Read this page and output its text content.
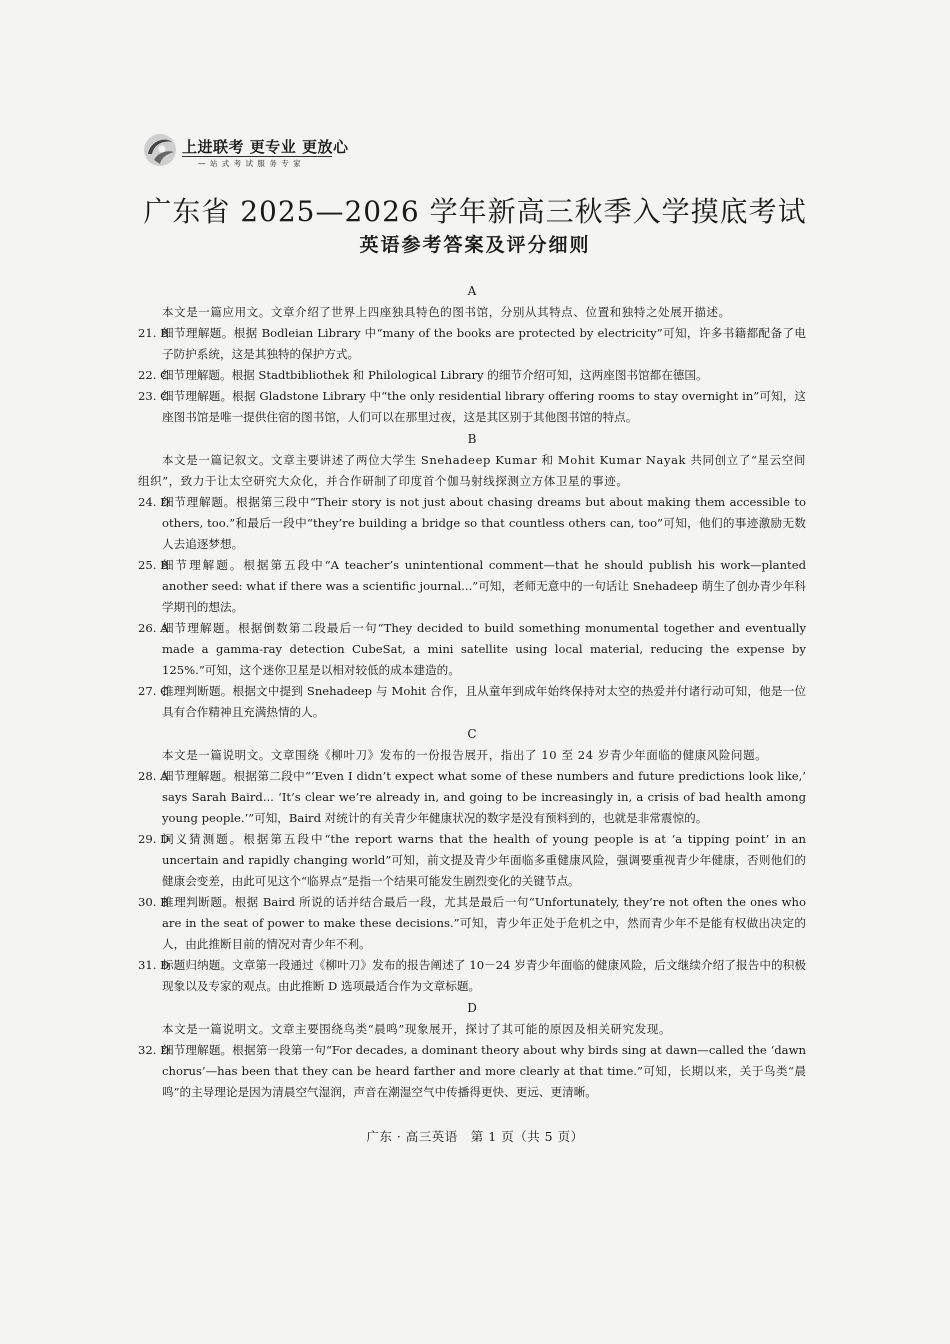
上进联考 更专业 更放心
— 站 式 考 试 服 务 专 家
广东省 2025—2026 学年新高三秋季入学摸底考试
英语参考答案及评分细则
A
本文是一篇应用文。文章介绍了世界上四座独具特色的图书馆，分别从其特点、位置和独特之处展开描述。
21. B
细节理解题。根据 Bodleian Library 中“many of the books are protected by electricity”可知，许多书籍都配备了电子防护系统，这是其独特的保护方式。
22. C
细节理解题。根据 Stadtbibliothek 和 Philological Library 的细节介绍可知，这两座图书馆都在德国。
23. C
细节理解题。根据 Gladstone Library 中“the only residential library offering rooms to stay overnight in”可知，这座图书馆是唯一提供住宿的图书馆，人们可以在那里过夜，这是其区别于其他图书馆的特点。
B
本文是一篇记叙文。文章主要讲述了两位大学生 Snehadeep Kumar 和 Mohit Kumar Nayak 共同创立了“星云空间组织”，致力于让太空研究大众化，并合作研制了印度首个伽马射线探测立方体卫星的事迹。
24. D
细节理解题。根据第三段中“Their story is not just about chasing dreams but about making them accessible to others, too.”和最后一段中“they’re building a bridge so that countless others can, too”可知，他们的事迹激励无数人去追逐梦想。
25. B
细节理解题。根据第五段中“A teacher’s unintentional comment—that he should publish his work—planted another seed: what if there was a scientific journal...”可知，老师无意中的一句话让 Snehadeep 萌生了创办青少年科学期刊的想法。
26. A
细节理解题。根据倒数第二段最后一句“They decided to build something monumental together and eventually made a gamma-ray detection CubeSat, a mini satellite using local material, reducing the expense by 125%.”可知，这个迷你卫星是以相对较低的成本建造的。
27. C
推理判断题。根据文中提到 Snehadeep 与 Mohit 合作，且从童年到成年始终保持对太空的热爱并付诸行动可知，他是一位具有合作精神且充满热情的人。
C
本文是一篇说明文。文章围绕《柳叶刀》发布的一份报告展开，指出了 10 至 24 岁青少年面临的健康风险问题。
28. A
细节理解题。根据第二段中“‘Even I didn’t expect what some of these numbers and future predictions look like,’ says Sarah Baird... ‘It’s clear we’re already in, and going to be increasingly in, a crisis of bad health among young people.’”可知，Baird 对统计的有关青少年健康状况的数字是没有预料到的，也就是非常震惊的。
29. D
词义猜测题。根据第五段中“the report warns that the health of young people is at ‘a tipping point’ in an uncertain and rapidly changing world”可知，前文提及青少年面临多重健康风险，强调要重视青少年健康，否则他们的健康会变差，由此可见这个“临界点”是指一个结果可能发生剧烈变化的关键节点。
30. B
推理判断题。根据 Baird 所说的话并结合最后一段，尤其是最后一句“Unfortunately, they’re not often the ones who are in the seat of power to make these decisions.”可知，青少年正处于危机之中，然而青少年不是能有权做出决定的人，由此推断目前的情况对青少年不利。
31. D
标题归纳题。文章第一段通过《柳叶刀》发布的报告阐述了 10－24 岁青少年面临的健康风险，后文继续介绍了报告中的积极现象以及专家的观点。由此推断 D 选项最适合作为文章标题。
D
本文是一篇说明文。文章主要围绕鸟类“晨鸣”现象展开，探讨了其可能的原因及相关研究发现。
32. D
细节理解题。根据第一段第一句“For decades, a dominant theory about why birds sing at dawn—called the ‘dawn chorus’—has been that they can be heard farther and more clearly at that time.”可知，长期以来，关于鸟类“晨鸣”的主导理论是因为清晨空气湿润，声音在潮湿空气中传播得更快、更远、更清晰。
广东 · 高三英语　第 1 页（共 5 页）
